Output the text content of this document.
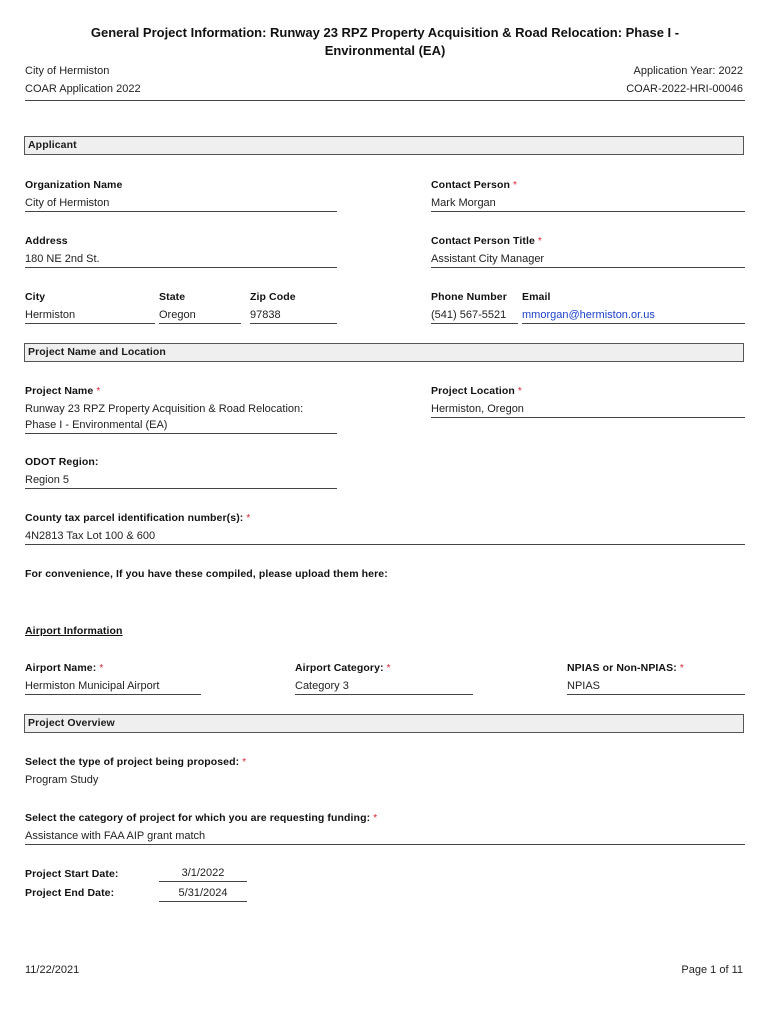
General Project Information: Runway 23 RPZ Property Acquisition & Road Relocation: Phase I - Environmental (EA)
City of Hermiston	Application Year: 2022
COAR Application 2022	COAR-2022-HRI-00046
Applicant
Organization Name
City of Hermiston
Contact Person *
Mark Morgan
Address
180 NE 2nd St.
Contact Person Title *
Assistant City Manager
City
Hermiston
State
Oregon
Zip Code
97838
Phone Number
(541) 567-5521
Email
mmorgan@hermiston.or.us
Project Name and Location
Project Name *
Runway 23 RPZ Property Acquisition & Road Relocation:
Phase I - Environmental (EA)
Project Location *
Hermiston, Oregon
ODOT Region:
Region 5
County tax parcel identification number(s): *
4N2813 Tax Lot 100 & 600
For convenience, If you have these compiled, please upload them here:
Airport Information
Airport Name: *
Hermiston Municipal Airport
Airport Category: *
Category 3
NPIAS or Non-NPIAS: *
NPIAS
Project Overview
Select the type of project being proposed: *
Program Study
Select the category of project for which you are requesting funding: *
Assistance with FAA AIP grant match
Project Start Date:	3/1/2022
Project End Date:	5/31/2024
11/22/2021	Page 1 of 11
